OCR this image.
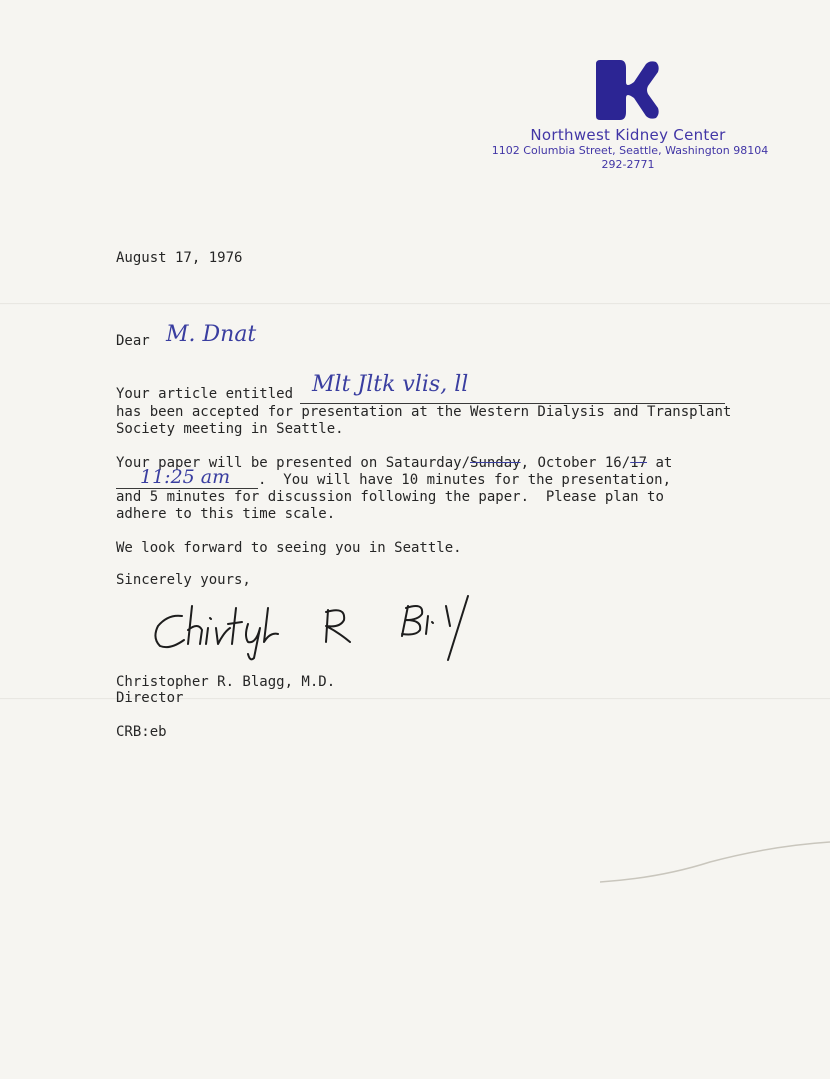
Northwest Kidney Center
1102 Columbia Street, Seattle, Washington 98104
292-2771
August 17, 1976
Dear M. Dnat
Your article entitled Mlt Jltk vlis, ll
has been accepted for presentation at the Western Dialysis and Transplant
Society meeting in Seattle.
Your paper will be presented on Sataurday/Sunday, October 16/17 at
11:25 am .  You will have 10 minutes for the presentation,
and 5 minutes for discussion following the paper.  Please plan to
adhere to this time scale.
We look forward to seeing you in Seattle.
Sincerely yours,
Christopher R. Blagg, M.D.
Director
CRB:eb
